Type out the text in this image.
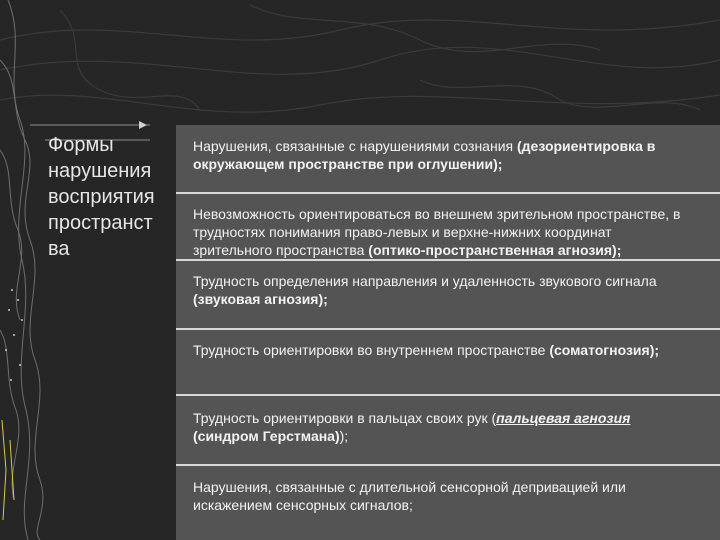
Формы нарушения восприятия пространст ва
Нарушения, связанные с нарушениями сознания (дезориентировка в окружающем пространстве при оглушении);
Невозможность ориентироваться во внешнем зрительном пространстве, в трудностях понимания право-левых и верхне-нижних координат зрительного пространства (оптико-пространственная агнозия);
Трудность определения направления и удаленность звукового сигнала (звуковая агнозия);
Трудность ориентировки во внутреннем пространстве (соматогнозия);
Трудность ориентировки в пальцах своих рук (пальцевая агнозия (синдром Герстмана));
Нарушения, связанные с длительной сенсорной депривацией или искажением сенсорных сигналов;
